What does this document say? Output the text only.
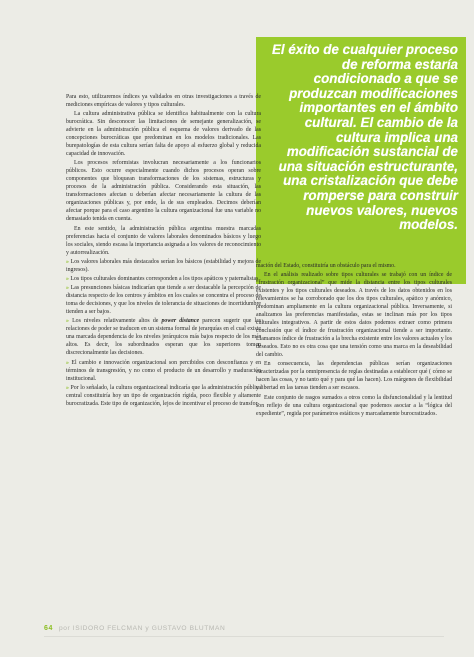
El éxito de cualquier proceso de reforma estaría condicionado a que se produzcan modificaciones importantes en el ámbito cultural. El cambio de la cultura implica una modificación sustancial de una situación estructurante, una cristalización que debe romperse para construir nuevos valores, nuevos modelos.

Para esto, utilizaremos índices ya validados en otras investigaciones a través de mediciones empíricas de valores y tipos culturales.

La cultura administrativa pública se identifica habitualmente con la cultura burocrática. Sin desconocer las limitaciones de semejante generalización, se advierte en la administración pública el esquema de valores derivado de las concepciones burocráticas que predominan en los modelos tradicionales. Las burepatologías de esta cultura serían falta de apoyo al esfuerzo global y reducida capacidad de innovación.

Los procesos reformistas involucran necesariamente a los funcionarios públicos. Esto ocurre especialmente cuando dichos procesos operan sobre componentes que bloquean transformaciones de los sistemas, estructuras y procesos de la administración pública. Considerando esta situación, las transformaciones afectan u deberían afectar necesariamente la cultura de las organizaciones públicas y, por ende, la de sus empleados. Decimos deberían afectar porque para el caso argentino la cultura organizacional fue una variable no demasiado tenida en cuenta.

En este sentido, la administración pública argentina muestra marcadas preferencias hacia el conjunto de valores laborales denominados básicos y luego los sociales, siendo escasa la importancia asignada a los valores de reconocimiento y autorrealización.

» Los valores laborales más destacados serían los básicos (estabilidad y mejora de ingresos).

» Los tipos culturales dominantes corresponden a los tipos apáticos y paternalistas.

» Las presunciones básicas indicarían que tiende a ser destacable la percepción de distancia respecto de los centros y ámbitos en los cuales se concentra el proceso de toma de decisiones, y que los niveles de tolerancia de situaciones de incertidumbre tienden a ser bajos.

» Los niveles relativamente altos de power distance parecen sugerir que las relaciones de poder se traducen en un sistema formal de jerarquías en el cual existe una marcada dependencia de los niveles jerárquicos más bajos respecto de los más altos. Es decir, los subordinados esperan que los superiores tomen discrecionalmente las decisiones.

» El cambio e innovación organizacional son percibidos con desconfianza y en términos de transgresión, y no como el producto de un desarrollo y maduración institucional.

» Por lo señalado, la cultura organizacional indicaría que la administración pública central constituiría hoy un tipo de organización rígida, poco flexible y altamente burocratizada. Este tipo de organización, lejos de incentivar el proceso de transfor-

mación del Estado, constituiría un obstáculo para el mismo.

En el análisis realizado sobre tipos culturales se trabajó con un índice de “frustración organizacional” que mide la distancia entre los tipos culturales existentes y los tipos culturales deseados. A través de los datos obtenidos en los relevamientos se ha corroborado que los dos tipos culturales, apático y anómico, predominan ampliamente en la cultura organizacional pública. Inversamente, si analizamos las preferencias manifestadas, estas se inclinan más por los tipos culturales integrativos. A partir de estos datos podemos extraer como primera conclusión que el índice de frustración organizacional tiende a ser importante. Llamamos índice de frustración a la brecha existente entre los valores actuales y los deseados. Esto no es otra cosa que una tensión como una marca en la deseabilidad del cambio.

En consecuencia, las dependencias públicas serían organizaciones caracterizadas por la omnipresencia de reglas destinadas a establecer qué ( cómo se hacen las cosas, y no tanto qué y para qué las hacen). Los márgenes de flexibilidad y libertad en las tareas tienden a ser escasos.

Este conjunto de rasgos sumados a otros como la disfuncionalidad y la lentitud son reflejo de una cultura organizacional que podemos asociar a la “lógica del expediente”, regida por parámetros estáticos y marcadamente burocratizados.

64 por ISIDORO FELCMAN y GUSTAVO BLUTMAN
